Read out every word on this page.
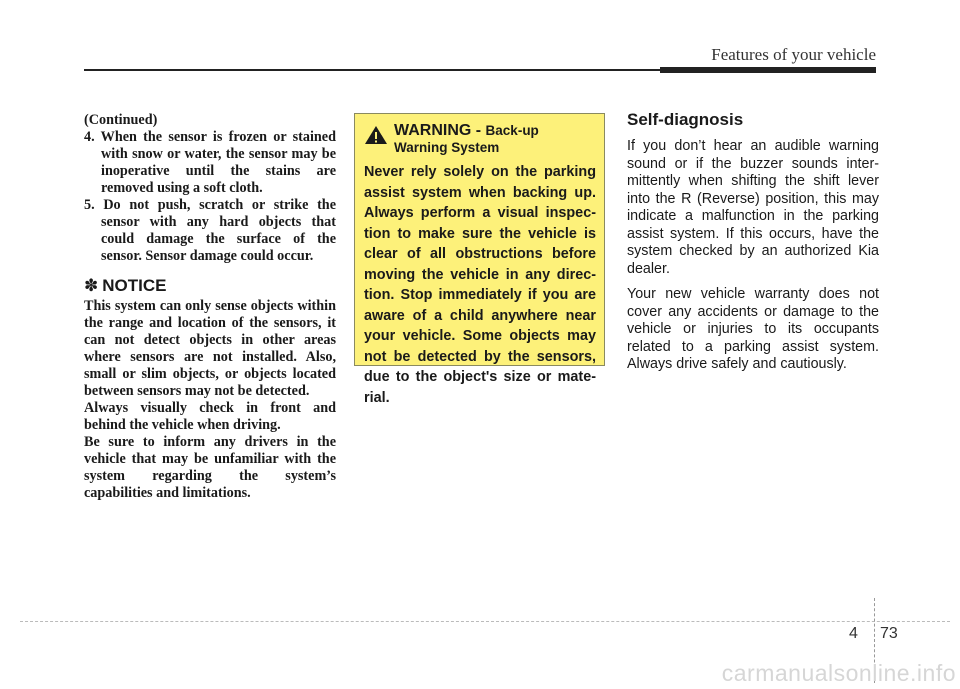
Features of your vehicle

(Continued)

4. When the sensor is frozen or stained with snow or water, the sensor may be inoperative until the stains are removed using a soft cloth.

5. Do not push, scratch or strike the sensor with any hard objects that could damage the surface of the sensor. Sensor damage could occur.

✽ NOTICE

This system can only sense objects within the range and location of the sensors, it can not detect objects in other areas where sensors are not installed. Also, small or slim objects, or objects located between sensors may not be detected.

Always visually check in front and behind the vehicle when driving.

Be sure to inform any drivers in the vehicle that may be unfamiliar with the system regarding the system’s capabilities and limitations.

WARNING - Back-up
Warning System
Never rely solely on the parking assist system when backing up. Always perform a visual inspec-tion to make sure the vehicle is clear of all obstructions before moving the vehicle in any direc-tion. Stop immediately if you are aware of a child anywhere near your vehicle. Some objects may not be detected by the sensors, due to the object's size or mate-rial.
Self-diagnosis

If you don’t hear an audible warning sound or if the buzzer sounds inter-mittently when shifting the shift lever into the R (Reverse) position, this may indicate a malfunction in the parking assist system. If this occurs, have the system checked by an authorized Kia dealer.

Your new vehicle warranty does not cover any accidents or damage to the vehicle or injuries to its occupants related to a parking assist system. Always drive safely and cautiously.

4 73
carmanualsonline.info
